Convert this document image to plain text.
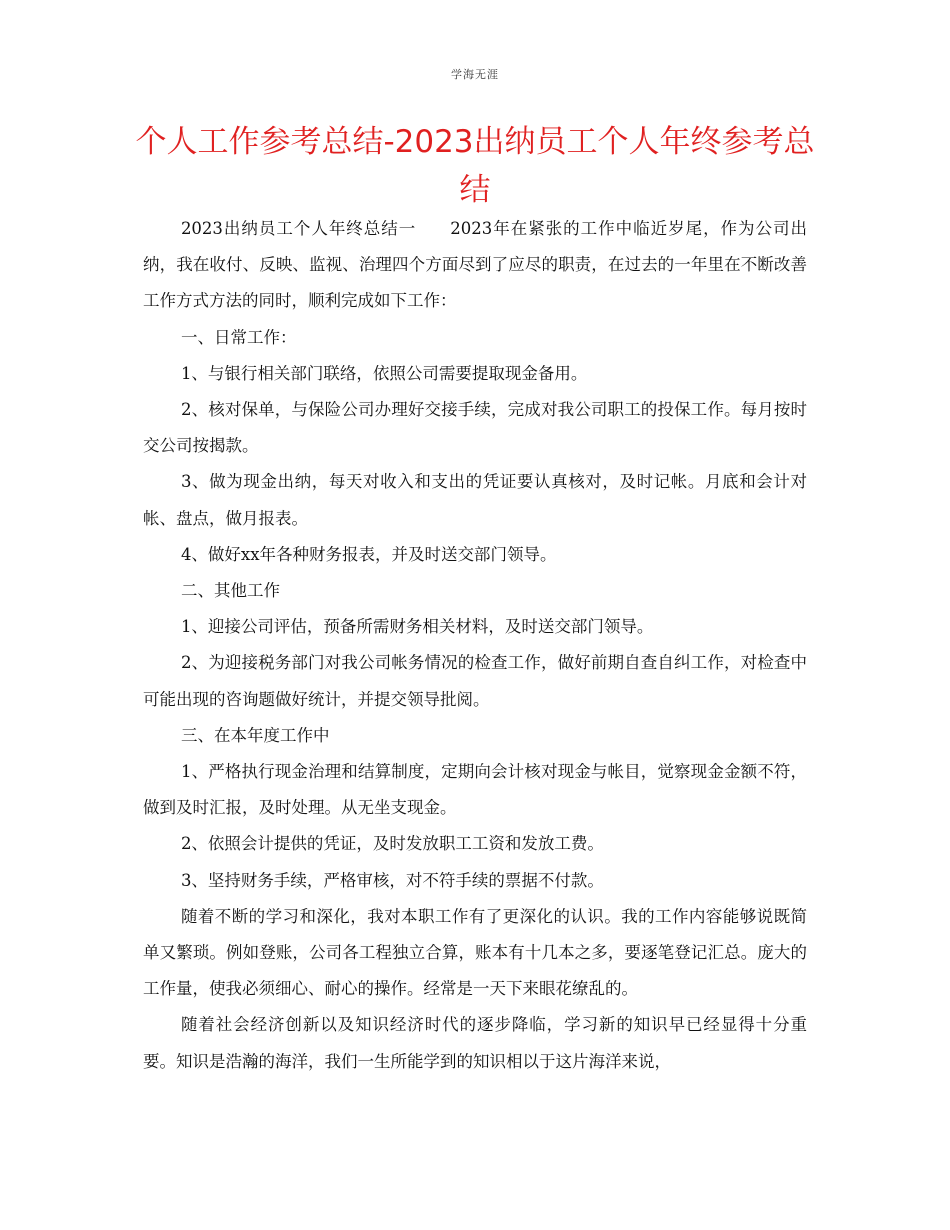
学海无涯
个人工作参考总结-2023出纳员工个人年终参考总结

2023出纳员工个人年终总结一 2023年在紧张的工作中临近岁尾，作为公司出纳，我在收付、反映、监视、治理四个方面尽到了应尽的职责，在过去的一年里在不断改善工作方式方法的同时，顺利完成如下工作：

一、日常工作：

1、与银行相关部门联络，依照公司需要提取现金备用。

2、核对保单，与保险公司办理好交接手续，完成对我公司职工的投保工作。每月按时交公司按揭款。

3、做为现金出纳，每天对收入和支出的凭证要认真核对，及时记帐。月底和会计对帐、盘点，做月报表。

4、做好xx年各种财务报表，并及时送交部门领导。

二、其他工作

1、迎接公司评估，预备所需财务相关材料，及时送交部门领导。

2、为迎接税务部门对我公司帐务情况的检查工作，做好前期自查自纠工作，对检查中可能出现的咨询题做好统计，并提交领导批阅。

三、在本年度工作中

1、严格执行现金治理和结算制度，定期向会计核对现金与帐目，觉察现金金额不符，做到及时汇报，及时处理。从无坐支现金。

2、依照会计提供的凭证，及时发放职工工资和发放工费。

3、坚持财务手续，严格审核，对不符手续的票据不付款。

随着不断的学习和深化，我对本职工作有了更深化的认识。我的工作内容能够说既简单又繁琐。例如登账，公司各工程独立合算，账本有十几本之多，要逐笔登记汇总。庞大的工作量，使我必须细心、耐心的操作。经常是一天下来眼花缭乱的。

随着社会经济创新以及知识经济时代的逐步降临，学习新的知识早已经显得十分重要。知识是浩瀚的海洋，我们一生所能学到的知识相以于这片海洋来说，
